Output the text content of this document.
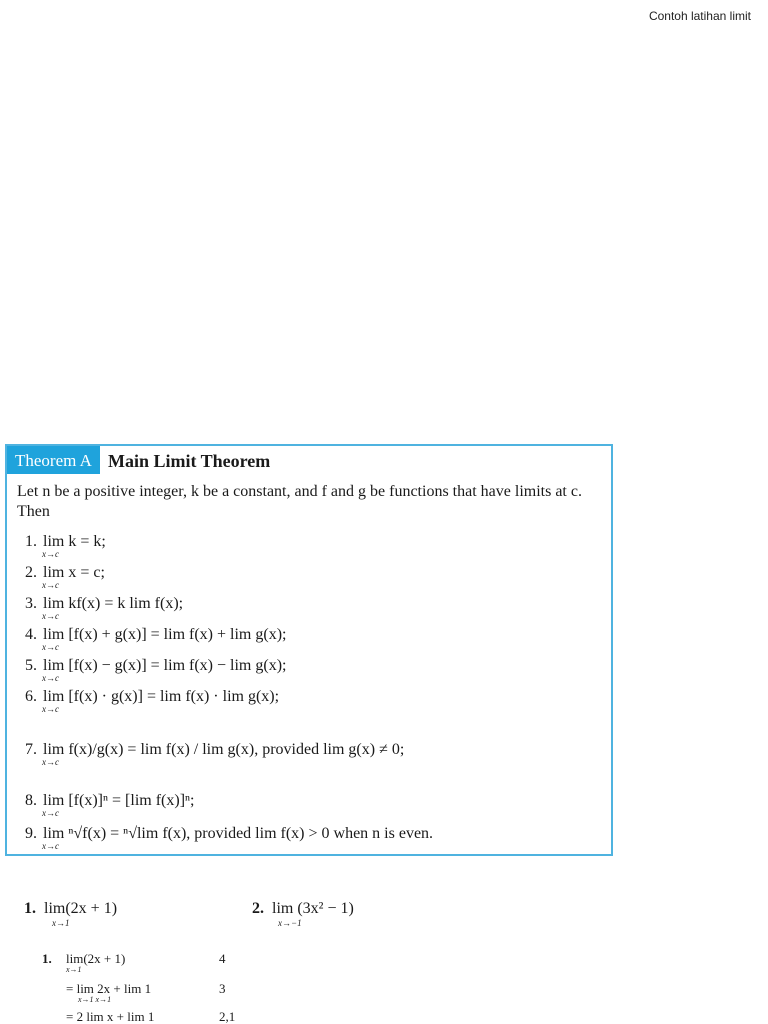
Contoh latihan limit
Theorem A Main Limit Theorem

Let n be a positive integer, k be a constant, and f and g be functions that have limits at c. Then

1. lim k = k;
x→c
2. lim x = c;
x→c
3. lim kf(x) = k lim f(x);
x→c
4. lim [f(x) + g(x)] = lim f(x) + lim g(x);
x→c
5. lim [f(x) − g(x)] = lim f(x) − lim g(x);
x→c
6. lim [f(x) · g(x)] = lim f(x) · lim g(x);
x→c
7. lim f(x)/g(x) = lim f(x) / lim g(x), provided lim g(x) ≠ 0;
x→c
8. lim [f(x)]ⁿ = [lim f(x)]ⁿ;
x→c
9. lim ⁿ√f(x) = ⁿ√lim f(x), provided lim f(x) > 0 when n is even.
x→c
1. lim(2x + 1)
x→1
2. lim (3x² − 1)
x→−1
1. lim(2x + 1)
x→1
4
= lim 2x + lim 1
x→1 x→1
3
= 2 lim x + lim 1	2,1
